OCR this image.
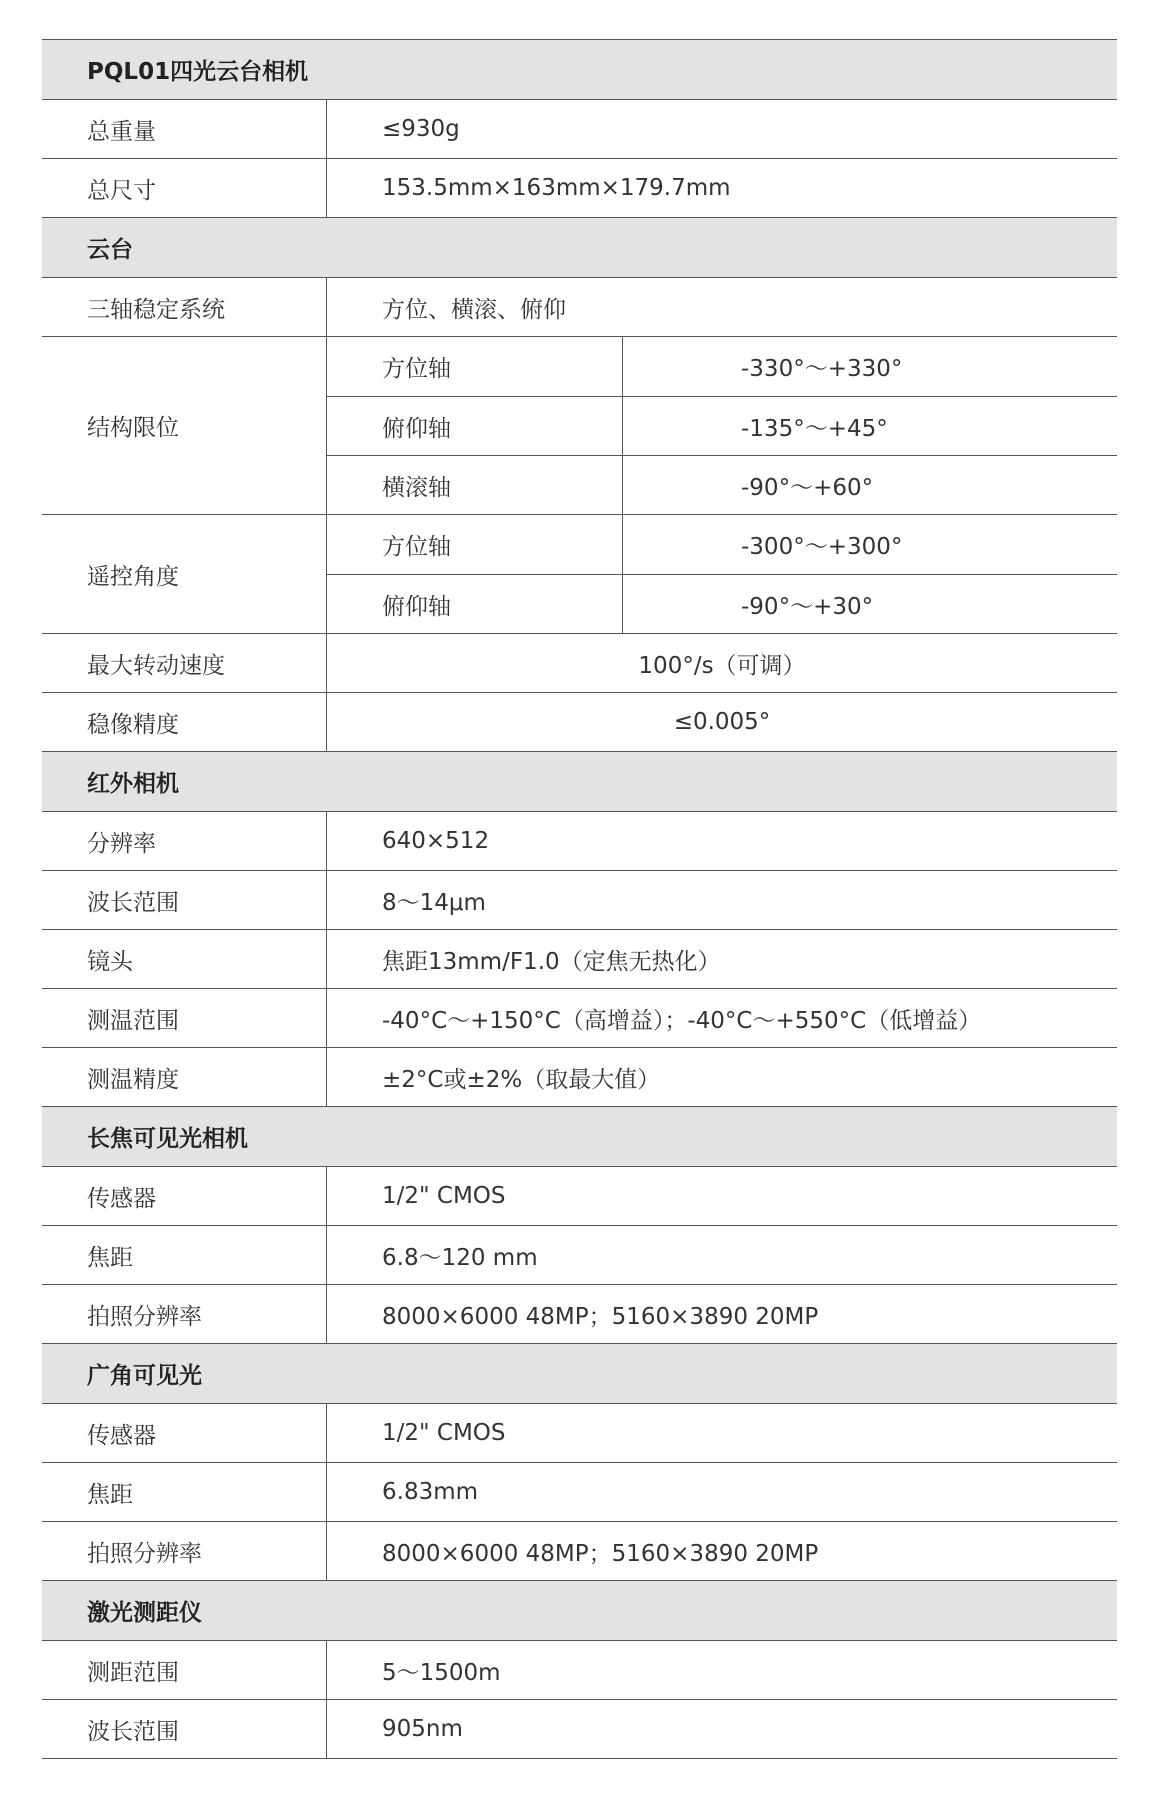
PQL01四光云台相机
总重量	≤930g
总尺寸	153.5mm×163mm×179.7mm
云台
三轴稳定系统	方位、横滚、俯仰
结构限位
方位轴	-330°～+330°
俯仰轴	-135°～+45°
横滚轴	-90°～+60°
遥控角度
方位轴	-300°～+300°
俯仰轴	-90°～+30°
最大转动速度	100°/s（可调）
稳像精度	≤0.005°
红外相机
分辨率	640×512
波长范围	8～14μm
镜头	焦距13mm/F1.0（定焦无热化）
测温范围	-40°C～+150°C（高增益）；-40°C～+550°C（低增益）
测温精度	±2°C或±2%（取最大值）
长焦可见光相机
传感器	1/2" CMOS
焦距	6.8～120 mm
拍照分辨率	8000×6000 48MP；5160×3890 20MP
广角可见光
传感器	1/2" CMOS
焦距	6.83mm
拍照分辨率	8000×6000 48MP；5160×3890 20MP
激光测距仪
测距范围	5～1500m
波长范围	905nm
